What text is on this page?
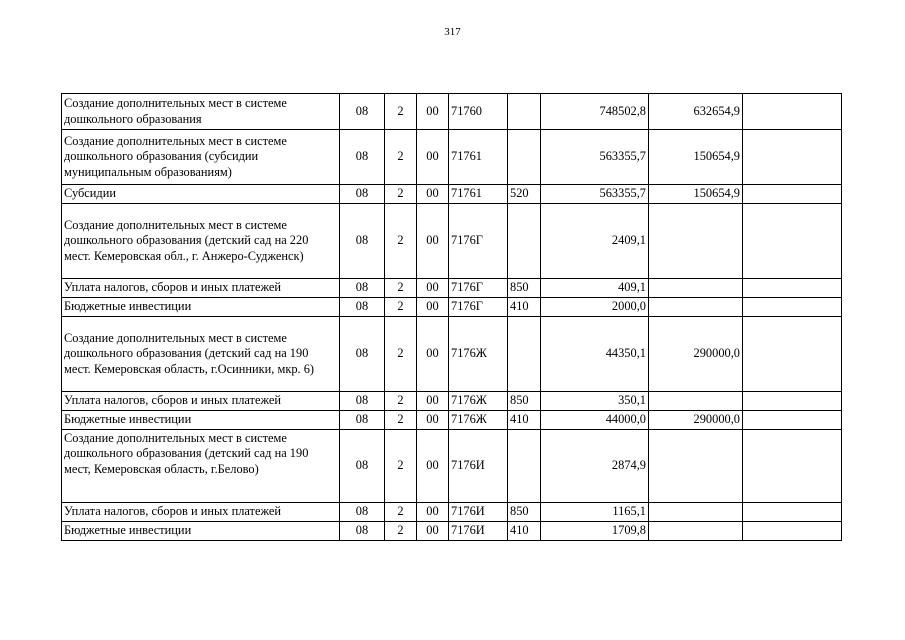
317
Создание дополнительных мест в системе дошкольного образования	08	2	00	71760		748502,8	632654,9	
Создание дополнительных мест в системе дошкольного образования (субсидии муниципальным образованиям)	08	2	00	71761		563355,7	150654,9	
Субсидии	08	2	00	71761	520	563355,7	150654,9	
Создание дополнительных мест в системе дошкольного образования (детский сад на 220 мест. Кемеровская обл., г. Анжеро-Судженск)	08	2	00	7176Г		2409,1		
Уплата налогов, сборов и иных платежей	08	2	00	7176Г	850	409,1		
Бюджетные инвестиции	08	2	00	7176Г	410	2000,0		
Создание дополнительных мест в системе дошкольного образования (детский сад на 190 мест. Кемеровская область, г.Осинники, мкр. 6)	08	2	00	7176Ж		44350,1	290000,0	
Уплата налогов, сборов и иных платежей	08	2	00	7176Ж	850	350,1		
Бюджетные инвестиции	08	2	00	7176Ж	410	44000,0	290000,0	
Создание дополнительных мест в системе дошкольного образования (детский сад на 190 мест, Кемеровская область, г.Белово)	08	2	00	7176И		2874,9		
Уплата налогов, сборов и иных платежей	08	2	00	7176И	850	1165,1		
Бюджетные инвестиции	08	2	00	7176И	410	1709,8		
